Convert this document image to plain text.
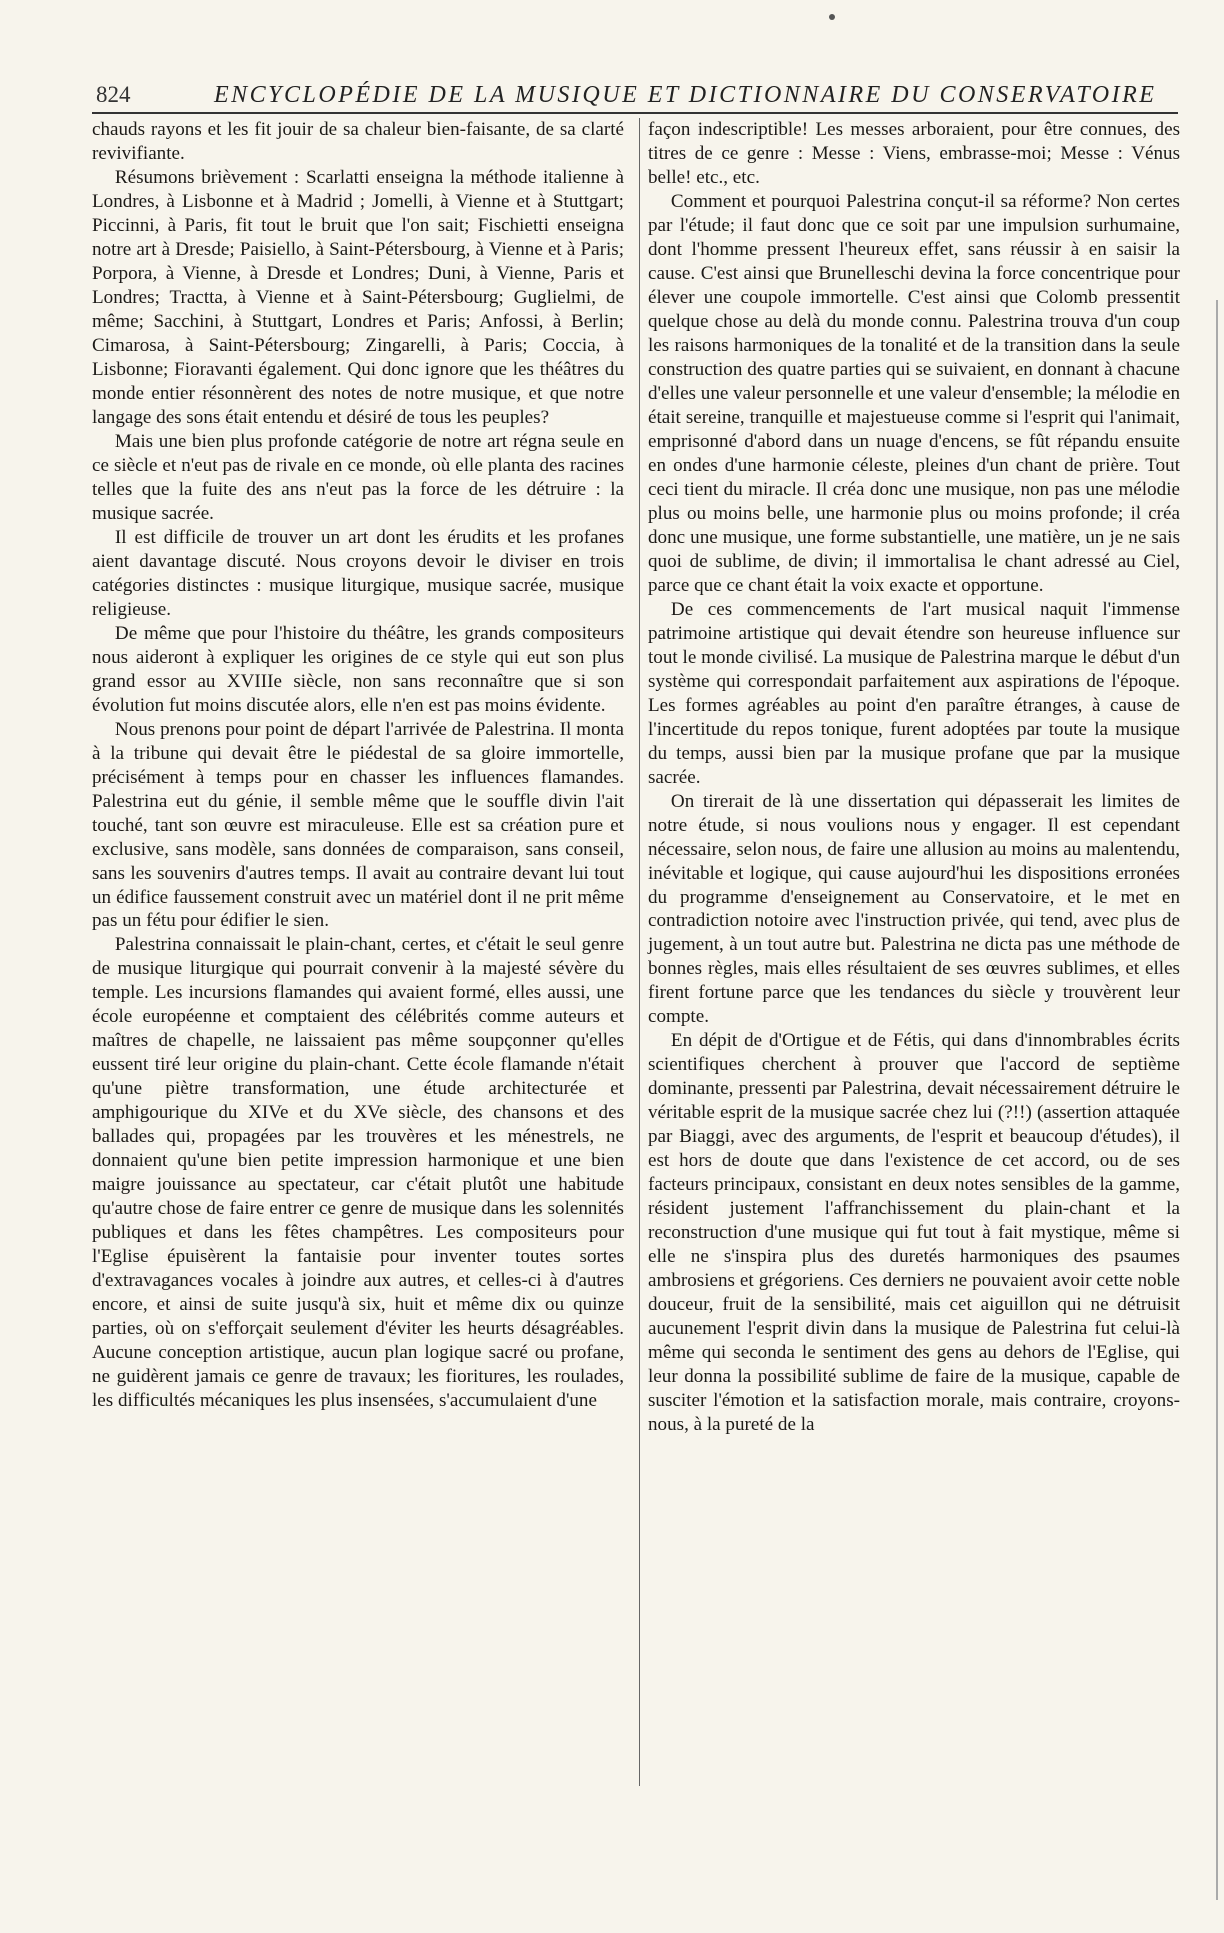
824	ENCYCLOPÉDIE DE LA MUSIQUE ET DICTIONNAIRE DU CONSERVATOIRE

chauds rayons et les fit jouir de sa chaleur bien-faisante, de sa clarté revivifiante.

Résumons brièvement : Scarlatti enseigna la méthode italienne à Londres, à Lisbonne et à Madrid ; Jomelli, à Vienne et à Stuttgart; Piccinni, à Paris, fit tout le bruit que l'on sait; Fischietti enseigna notre art à Dresde; Paisiello, à Saint-Pétersbourg, à Vienne et à Paris; Porpora, à Vienne, à Dresde et Londres; Duni, à Vienne, Paris et Londres; Tractta, à Vienne et à Saint-Pétersbourg; Guglielmi, de même; Sacchini, à Stuttgart, Londres et Paris; Anfossi, à Berlin; Cimarosa, à Saint-Pétersbourg; Zingarelli, à Paris; Coccia, à Lisbonne; Fioravanti également. Qui donc ignore que les théâtres du monde entier résonnèrent des notes de notre musique, et que notre langage des sons était entendu et désiré de tous les peuples?

Mais une bien plus profonde catégorie de notre art régna seule en ce siècle et n'eut pas de rivale en ce monde, où elle planta des racines telles que la fuite des ans n'eut pas la force de les détruire : la musique sacrée.

Il est difficile de trouver un art dont les érudits et les profanes aient davantage discuté. Nous croyons devoir le diviser en trois catégories distinctes : musique liturgique, musique sacrée, musique religieuse.

De même que pour l'histoire du théâtre, les grands compositeurs nous aideront à expliquer les origines de ce style qui eut son plus grand essor au XVIIIe siècle, non sans reconnaître que si son évolution fut moins discutée alors, elle n'en est pas moins évidente.

Nous prenons pour point de départ l'arrivée de Palestrina. Il monta à la tribune qui devait être le piédestal de sa gloire immortelle, précisément à temps pour en chasser les influences flamandes. Palestrina eut du génie, il semble même que le souffle divin l'ait touché, tant son œuvre est miraculeuse. Elle est sa création pure et exclusive, sans modèle, sans données de comparaison, sans conseil, sans les souvenirs d'autres temps. Il avait au contraire devant lui tout un édifice faussement construit avec un matériel dont il ne prit même pas un fétu pour édifier le sien.

Palestrina connaissait le plain-chant, certes, et c'était le seul genre de musique liturgique qui pourrait convenir à la majesté sévère du temple. Les incursions flamandes qui avaient formé, elles aussi, une école européenne et comptaient des célébrités comme auteurs et maîtres de chapelle, ne laissaient pas même soupçonner qu'elles eussent tiré leur origine du plain-chant. Cette école flamande n'était qu'une piètre transformation, une étude architecturée et amphigourique du XIVe et du XVe siècle, des chansons et des ballades qui, propagées par les trouvères et les ménestrels, ne donnaient qu'une bien petite impression harmonique et une bien maigre jouissance au spectateur, car c'était plutôt une habitude qu'autre chose de faire entrer ce genre de musique dans les solennités publiques et dans les fêtes champêtres. Les compositeurs pour l'Eglise épuisèrent la fantaisie pour inventer toutes sortes d'extravagances vocales à joindre aux autres, et celles-ci à d'autres encore, et ainsi de suite jusqu'à six, huit et même dix ou quinze parties, où on s'efforçait seulement d'éviter les heurts désagréables. Aucune conception artistique, aucun plan logique sacré ou profane, ne guidèrent jamais ce genre de travaux; les fioritures, les roulades, les difficultés mécaniques les plus insensées, s'accumulaient d'une

façon indescriptible! Les messes arboraient, pour être connues, des titres de ce genre : Messe : Viens, embrasse-moi; Messe : Vénus belle! etc., etc.

Comment et pourquoi Palestrina conçut-il sa réforme? Non certes par l'étude; il faut donc que ce soit par une impulsion surhumaine, dont l'homme pressent l'heureux effet, sans réussir à en saisir la cause. C'est ainsi que Brunelleschi devina la force concentrique pour élever une coupole immortelle. C'est ainsi que Colomb pressentit quelque chose au delà du monde connu. Palestrina trouva d'un coup les raisons harmoniques de la tonalité et de la transition dans la seule construction des quatre parties qui se suivaient, en donnant à chacune d'elles une valeur personnelle et une valeur d'ensemble; la mélodie en était sereine, tranquille et majestueuse comme si l'esprit qui l'animait, emprisonné d'abord dans un nuage d'encens, se fût répandu ensuite en ondes d'une harmonie céleste, pleines d'un chant de prière. Tout ceci tient du miracle. Il créa donc une musique, non pas une mélodie plus ou moins belle, une harmonie plus ou moins profonde; il créa donc une musique, une forme substantielle, une matière, un je ne sais quoi de sublime, de divin; il immortalisa le chant adressé au Ciel, parce que ce chant était la voix exacte et opportune.

De ces commencements de l'art musical naquit l'immense patrimoine artistique qui devait étendre son heureuse influence sur tout le monde civilisé. La musique de Palestrina marque le début d'un système qui correspondait parfaitement aux aspirations de l'époque. Les formes agréables au point d'en paraître étranges, à cause de l'incertitude du repos tonique, furent adoptées par toute la musique du temps, aussi bien par la musique profane que par la musique sacrée.

On tirerait de là une dissertation qui dépasserait les limites de notre étude, si nous voulions nous y engager. Il est cependant nécessaire, selon nous, de faire une allusion au moins au malentendu, inévitable et logique, qui cause aujourd'hui les dispositions erronées du programme d'enseignement au Conservatoire, et le met en contradiction notoire avec l'instruction privée, qui tend, avec plus de jugement, à un tout autre but. Palestrina ne dicta pas une méthode de bonnes règles, mais elles résultaient de ses œuvres sublimes, et elles firent fortune parce que les tendances du siècle y trouvèrent leur compte.

En dépit de d'Ortigue et de Fétis, qui dans d'innombrables écrits scientifiques cherchent à prouver que l'accord de septième dominante, pressenti par Palestrina, devait nécessairement détruire le véritable esprit de la musique sacrée chez lui (?!!) (assertion attaquée par Biaggi, avec des arguments, de l'esprit et beaucoup d'études), il est hors de doute que dans l'existence de cet accord, ou de ses facteurs principaux, consistant en deux notes sensibles de la gamme, résident justement l'affranchissement du plain-chant et la reconstruction d'une musique qui fut tout à fait mystique, même si elle ne s'inspira plus des duretés harmoniques des psaumes ambrosiens et grégoriens. Ces derniers ne pouvaient avoir cette noble douceur, fruit de la sensibilité, mais cet aiguillon qui ne détruisit aucunement l'esprit divin dans la musique de Palestrina fut celui-là même qui seconda le sentiment des gens au dehors de l'Eglise, qui leur donna la possibilité sublime de faire de la musique, capable de susciter l'émotion et la satisfaction morale, mais contraire, croyons-nous, à la pureté de la
